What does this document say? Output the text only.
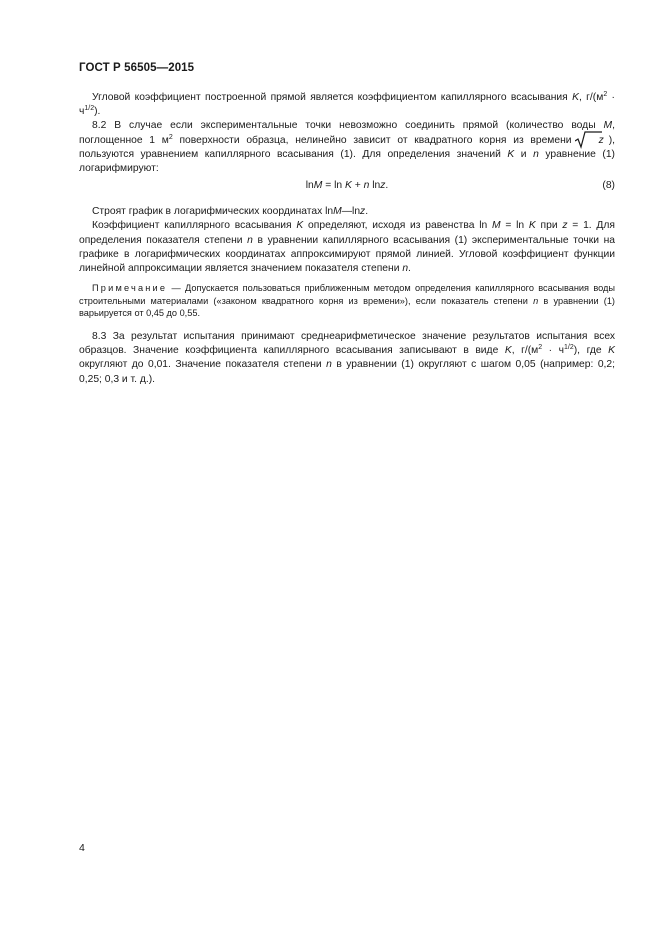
ГОСТ Р 56505—2015

Угловой коэффициент построенной прямой является коэффициентом капиллярного всасывания K, $г/(м^2 \cdot ч^{1/2})$.

8.2 В случае если экспериментальные точки невозможно соединить прямой (количество воды M, поглощенное 1 $м^2$ поверхности образца, нелинейно зависит от квадратного корня из времени	z ), пользуются уравнением капиллярного всасывания (1). Для определения значений K и n уравнение (1) логарифмируют:

lnM = ln K + n lnz.	(8)

Строят график в логарифмических координатах lnM—lnz.

Коэффициент капиллярного всасывания K определяют, исходя из равенства ln M = ln K при z = 1. Для определения показателя степени n в уравнении капиллярного всасывания (1) экспериментальные точки на графике в логарифмических координатах аппроксимируют прямой линией. Угловой коэффициент функции линейной аппроксимации является значением показателя степени n.

Примечание — Допускается пользоваться приближенным методом определения капиллярного всасывания воды строительными материалами («законом квадратного корня из времени»), если показатель степени n в уравнении (1) варьируется от 0,45 до 0,55.

8.3 За результат испытания принимают среднеарифметическое значение результатов испытания всех образцов. Значение коэффициента капиллярного всасывания записывают в виде K, $г/(м^2 \cdot ч^{1/2})$, где K округляют до 0,01. Значение показателя степени n в уравнении (1) округляют с шагом 0,05 (например: 0,2; 0,25; 0,3 и т. д.).

4
